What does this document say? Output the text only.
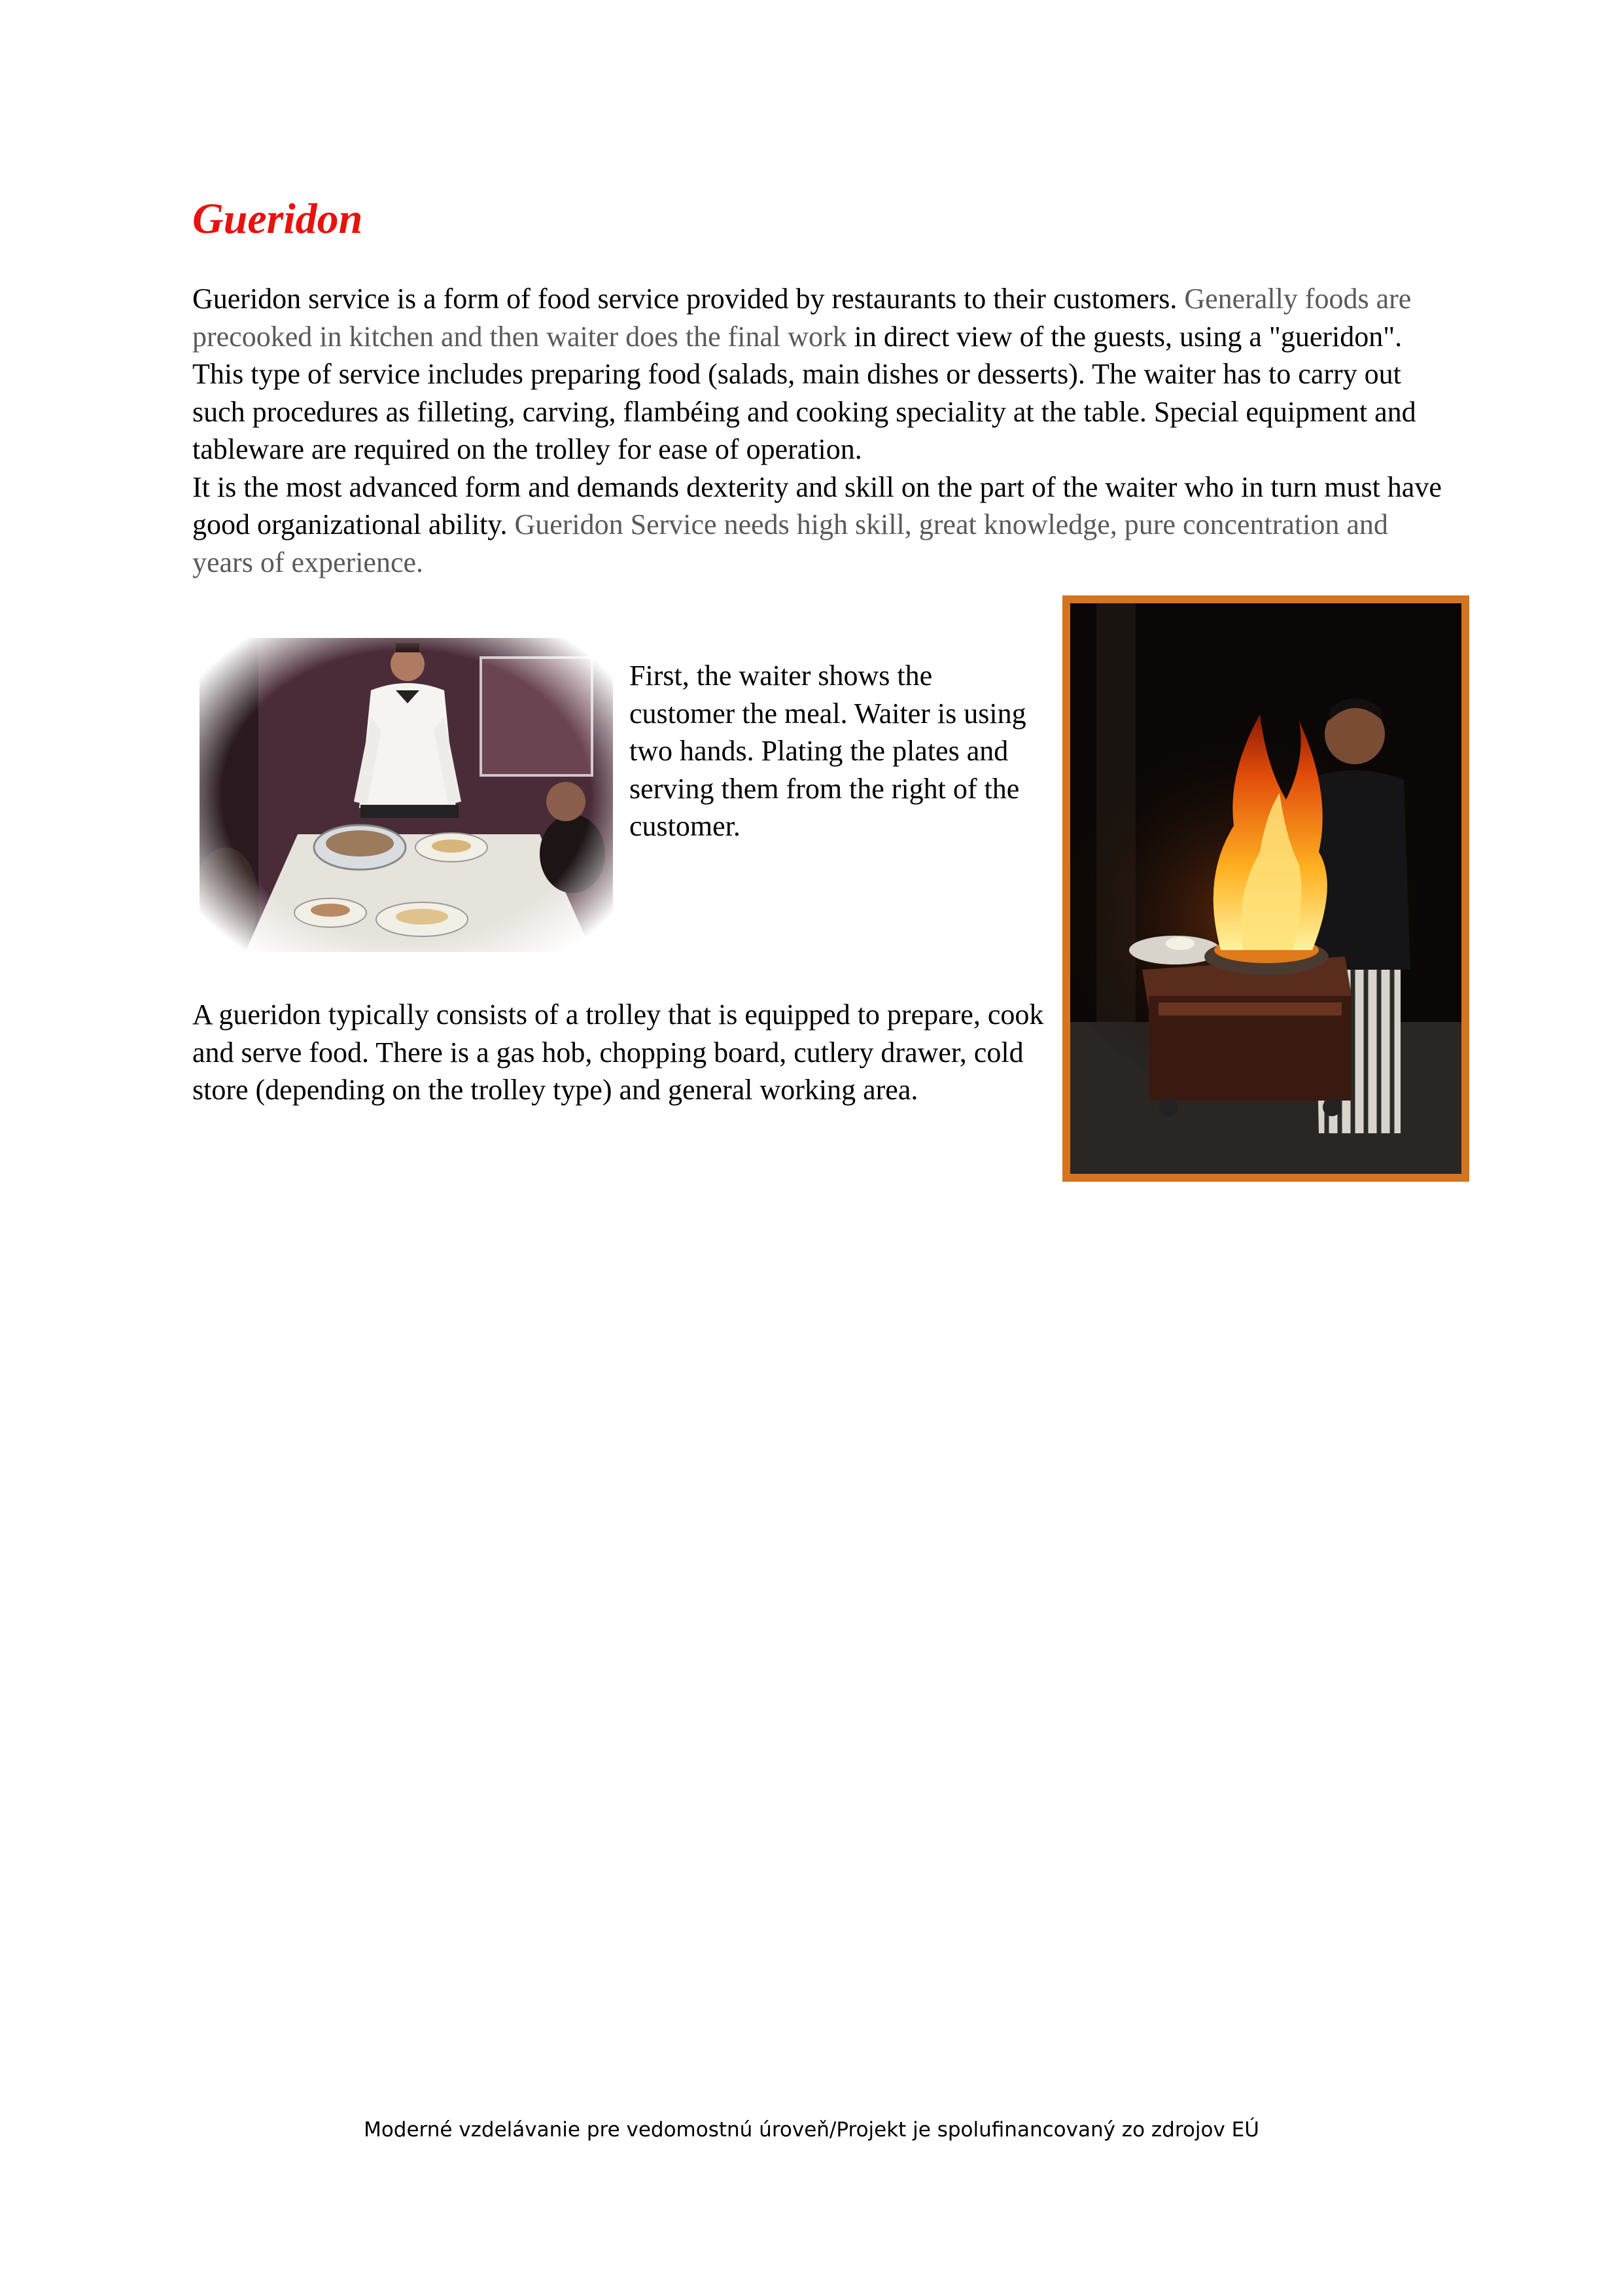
Gueridon

Gueridon service is a form of food service provided by restaurants to their customers. Generally foods are precooked in kitchen and then waiter does the final work in direct view of the guests, using a "gueridon". This type of service includes preparing food (salads, main dishes or desserts). The waiter has to carry out such procedures as filleting, carving, flambéing and cooking speciality at the table. Special equipment and tableware are required on the trolley for ease of operation.

It is the most advanced form and demands dexterity and skill on the part of the waiter who in turn must have good organizational ability. Gueridon Service needs high skill, great knowledge, pure concentration and years of experience.

First, the waiter shows the customer the meal. Waiter is using two hands. Plating the plates and serving them from the right of the customer.
A gueridon typically consists of a trolley that is equipped to prepare, cook and serve food. There is a gas hob, chopping board, cutlery drawer, cold store (depending on the trolley type) and general working area.
Moderné vzdelávanie pre vedomostnú úroveň/Projekt je spolufinancovaný zo zdrojov EÚ
